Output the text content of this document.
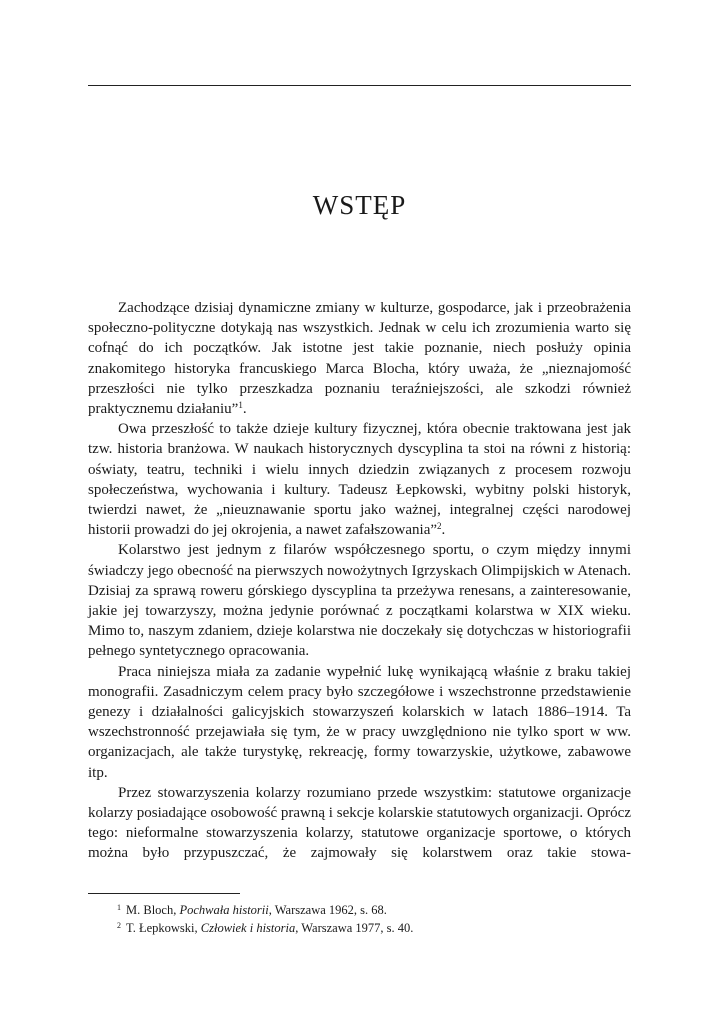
WSTĘP

Zachodzące dzisiaj dynamiczne zmiany w kulturze, gospodarce, jak i przeobrażenia społeczno-polityczne dotykają nas wszystkich. Jednak w celu ich zrozumienia warto się cofnąć do ich początków. Jak istotne jest takie poznanie, niech posłuży opinia znakomitego historyka francuskiego Marca Blocha, który uważa, że „nieznajomość przeszłości nie tylko przeszkadza poznaniu teraźniejszości, ale szkodzi również praktycznemu działaniu”$^1$.

Owa przeszłość to także dzieje kultury fizycznej, która obecnie traktowana jest jak tzw. historia branżowa. W naukach historycznych dyscyplina ta stoi na równi z historią: oświaty, teatru, techniki i wielu innych dziedzin związanych z procesem rozwoju społeczeństwa, wychowania i kultury. Tadeusz Łepkowski, wybitny polski historyk, twierdzi nawet, że „nieuznawanie sportu jako ważnej, integralnej części narodowej historii prowadzi do jej okrojenia, a nawet zafałszowania”$^2$.

Kolarstwo jest jednym z filarów współczesnego sportu, o czym między innymi świadczy jego obecność na pierwszych nowożytnych Igrzyskach Olimpijskich w Atenach. Dzisiaj za sprawą roweru górskiego dyscyplina ta przeżywa renesans, a zainteresowanie, jakie jej towarzyszy, można jedynie porównać z początkami kolarstwa w XIX wieku. Mimo to, naszym zdaniem, dzieje kolarstwa nie doczekały się dotychczas w historiografii pełnego syntetycznego opracowania.

Praca niniejsza miała za zadanie wypełnić lukę wynikającą właśnie z braku takiej monografii. Zasadniczym celem pracy było szczegółowe i wszechstronne przedstawienie genezy i działalności galicyjskich stowarzyszeń kolarskich w latach 1886–1914. Ta wszechstronność przejawiała się tym, że w pracy uwzględniono nie tylko sport w ww. organizacjach, ale także turystykę, rekreację, formy towarzyskie, użytkowe, zabawowe itp.

Przez stowarzyszenia kolarzy rozumiano przede wszystkim: statutowe organizacje kolarzy posiadające osobowość prawną i sekcje kolarskie statutowych organizacji. Oprócz tego: nieformalne stowarzyszenia kolarzy, statutowe organizacje sportowe, o których można było przypuszczać, że zajmowały się kolarstwem oraz takie stowa-

$^1$ M. Bloch, Pochwała historii, Warszawa 1962, s. 68.

$^2$ T. Łepkowski, Człowiek i historia, Warszawa 1977, s. 40.
